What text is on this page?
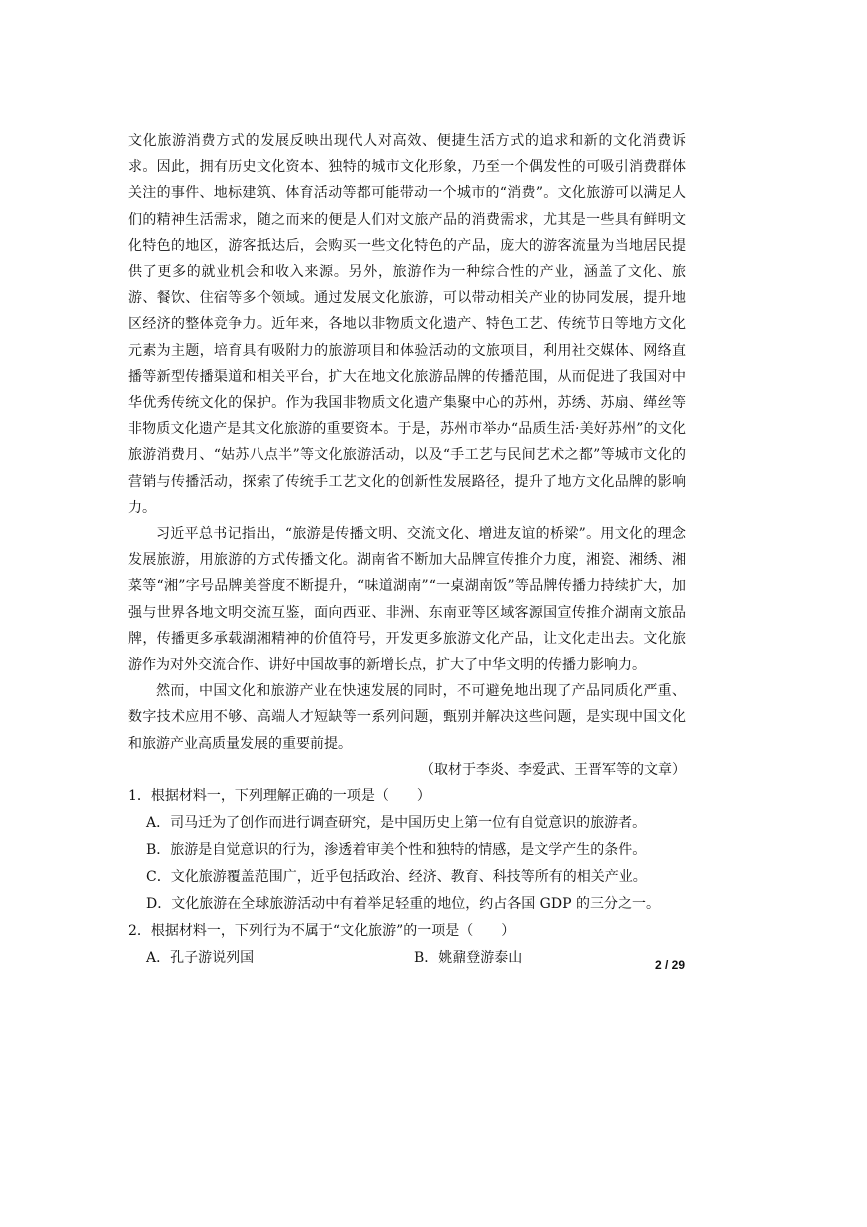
文化旅游消费方式的发展反映出现代人对高效、便捷生活方式的追求和新的文化消费诉求。因此，拥有历史文化资本、独特的城市文化形象，乃至一个偶发性的可吸引消费群体关注的事件、地标建筑、体育活动等都可能带动一个城市的“消费”。文化旅游可以满足人们的精神生活需求，随之而来的便是人们对文旅产品的消费需求，尤其是一些具有鲜明文化特色的地区，游客抵达后，会购买一些文化特色的产品，庞大的游客流量为当地居民提供了更多的就业机会和收入来源。另外，旅游作为一种综合性的产业，涵盖了文化、旅游、餐饮、住宿等多个领域。通过发展文化旅游，可以带动相关产业的协同发展，提升地区经济的整体竞争力。近年来，各地以非物质文化遗产、特色工艺、传统节日等地方文化元素为主题，培育具有吸附力的旅游项目和体验活动的文旅项目，利用社交媒体、网络直播等新型传播渠道和相关平台，扩大在地文化旅游品牌的传播范围，从而促进了我国对中华优秀传统文化的保护。作为我国非物质文化遗产集聚中心的苏州，苏绣、苏扇、缂丝等非物质文化遗产是其文化旅游的重要资本。于是，苏州市举办“品质生活·美好苏州”的文化旅游消费月、“姑苏八点半”等文化旅游活动，以及“手工艺与民间艺术之都”等城市文化的营销与传播活动，探索了传统手工艺文化的创新性发展路径，提升了地方文化品牌的影响力。

习近平总书记指出，“旅游是传播文明、交流文化、增进友谊的桥梁”。用文化的理念发展旅游，用旅游的方式传播文化。湖南省不断加大品牌宣传推介力度，湘瓷、湘绣、湘菜等“湘”字号品牌美誉度不断提升，“味道湖南”“一桌湖南饭”等品牌传播力持续扩大，加强与世界各地文明交流互鉴，面向西亚、非洲、东南亚等区域客源国宣传推介湖南文旅品牌，传播更多承载湖湘精神的价值符号，开发更多旅游文化产品，让文化走出去。文化旅游作为对外交流合作、讲好中国故事的新增长点，扩大了中华文明的传播力影响力。

然而，中国文化和旅游产业在快速发展的同时，不可避免地出现了产品同质化严重、数字技术应用不够、高端人才短缺等一系列问题，甄别并解决这些问题，是实现中国文化和旅游产业高质量发展的重要前提。

（取材于李炎、李爱武、王晋军等的文章）

1．根据材料一，下列理解正确的一项是（　　）

A．司马迁为了创作而进行调查研究，是中国历史上第一位有自觉意识的旅游者。

B．旅游是自觉意识的行为，渗透着审美个性和独特的情感，是文学产生的条件。

C．文化旅游覆盖范围广，近乎包括政治、经济、教育、科技等所有的相关产业。

D．文化旅游在全球旅游活动中有着举足轻重的地位，约占各国 GDP 的三分之一。

2．根据材料一，下列行为不属于“文化旅游”的一项是（　　）

A．孔子游说列国	B．姚鼐登游泰山	2 / 29
